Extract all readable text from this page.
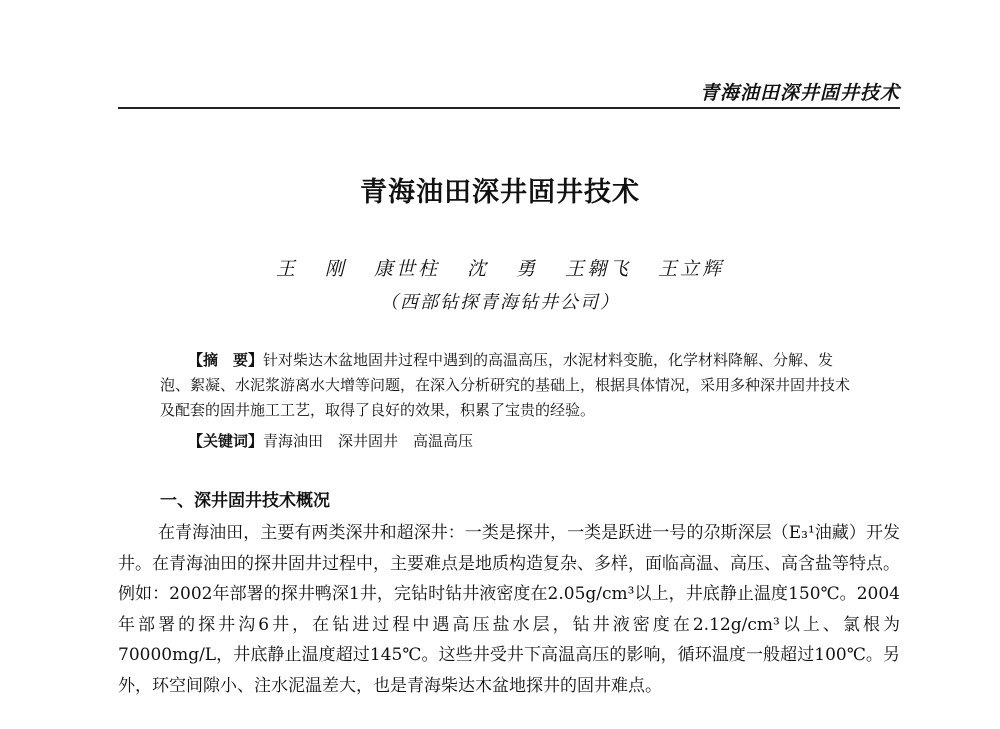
青海油田深井固井技术
青海油田深井固井技术
王 刚 康世柱 沈 勇 王翱飞 王立辉
（西部钻探青海钻井公司）
【摘　要】针对柴达木盆地固井过程中遇到的高温高压，水泥材料变脆，化学材料降解、分解、发泡、絮凝、水泥浆游离水大增等问题，在深入分析研究的基础上，根据具体情况，采用多种深井固井技术及配套的固井施工工艺，取得了良好的效果，积累了宝贵的经验。
【关键词】青海油田　深井固井　高温高压
一、深井固井技术概况
在青海油田，主要有两类深井和超深井：一类是探井，一类是跃进一号的尕斯深层（E₃¹油藏）开发井。在青海油田的探井固井过程中，主要难点是地质构造复杂、多样，面临高温、高压、高含盐等特点。例如：2002年部署的探井鸭深1井，完钻时钻井液密度在2.05g/cm³以上，井底静止温度150℃。2004年部署的探井沟6井，在钻进过程中遇高压盐水层，钻井液密度在2.12g/cm³以上、氯根为70000mg/L，井底静止温度超过145℃。这些井受井下高温高压的影响，循环温度一般超过100℃。另外，环空间隙小、注水泥温差大，也是青海柴达木盆地探井的固井难点。
